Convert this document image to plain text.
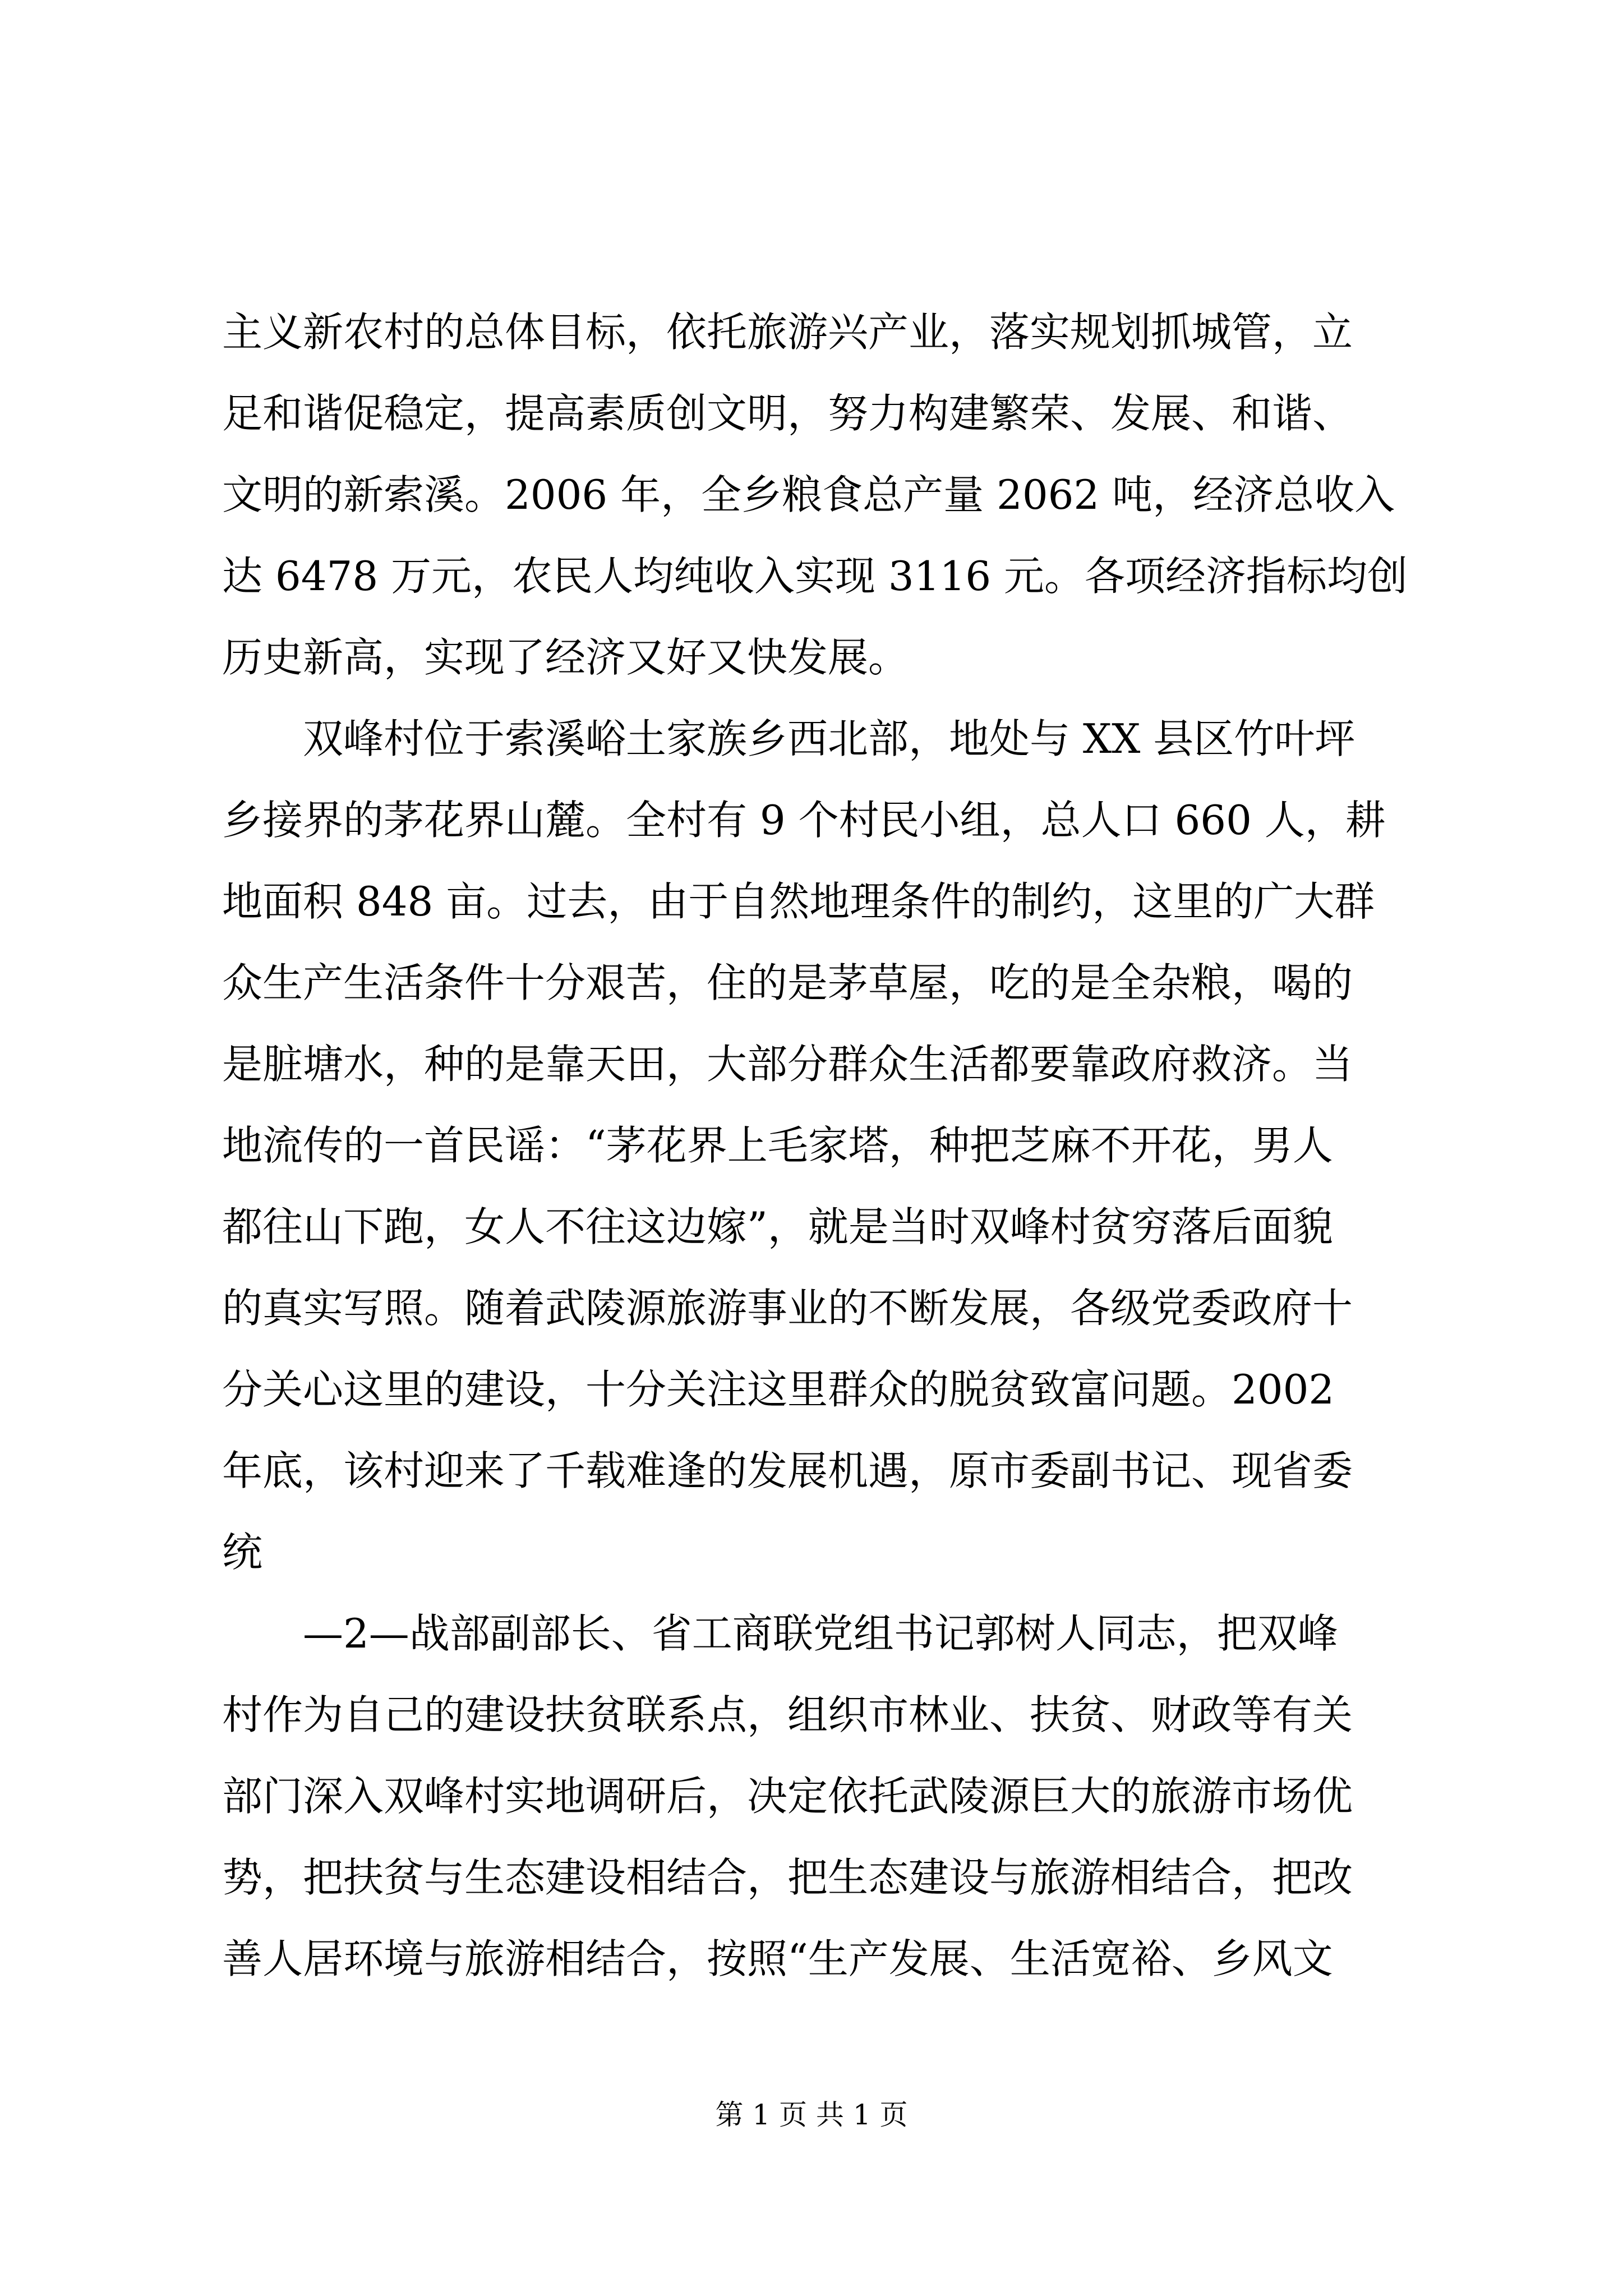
主义新农村的总体目标，依托旅游兴产业，落实规划抓城管，立
足和谐促稳定，提高素质创文明，努力构建繁荣、发展、和谐、
文明的新索溪。2006 年，全乡粮食总产量 2062 吨，经济总收入
达 6478 万元，农民人均纯收入实现 3116 元。各项经济指标均创
历史新高，实现了经济又好又快发展。
　　双峰村位于索溪峪土家族乡西北部，地处与 XX 县区竹叶坪
乡接界的茅花界山麓。全村有 9 个村民小组，总人口 660 人，耕
地面积 848 亩。过去，由于自然地理条件的制约，这里的广大群
众生产生活条件十分艰苦，住的是茅草屋，吃的是全杂粮，喝的
是脏塘水，种的是靠天田，大部分群众生活都要靠政府救济。当
地流传的一首民谣：“茅花界上毛家塔，种把芝麻不开花，男人
都往山下跑，女人不往这边嫁”，就是当时双峰村贫穷落后面貌
的真实写照。随着武陵源旅游事业的不断发展，各级党委政府十
分关心这里的建设，十分关注这里群众的脱贫致富问题。2002
年底，该村迎来了千载难逢的发展机遇，原市委副书记、现省委
统
　　—2—战部副部长、省工商联党组书记郭树人同志，把双峰
村作为自己的建设扶贫联系点，组织市林业、扶贫、财政等有关
部门深入双峰村实地调研后，决定依托武陵源巨大的旅游市场优
势，把扶贫与生态建设相结合，把生态建设与旅游相结合，把改
善人居环境与旅游相结合，按照“生产发展、生活宽裕、乡风文
第 1 页 共 1 页
